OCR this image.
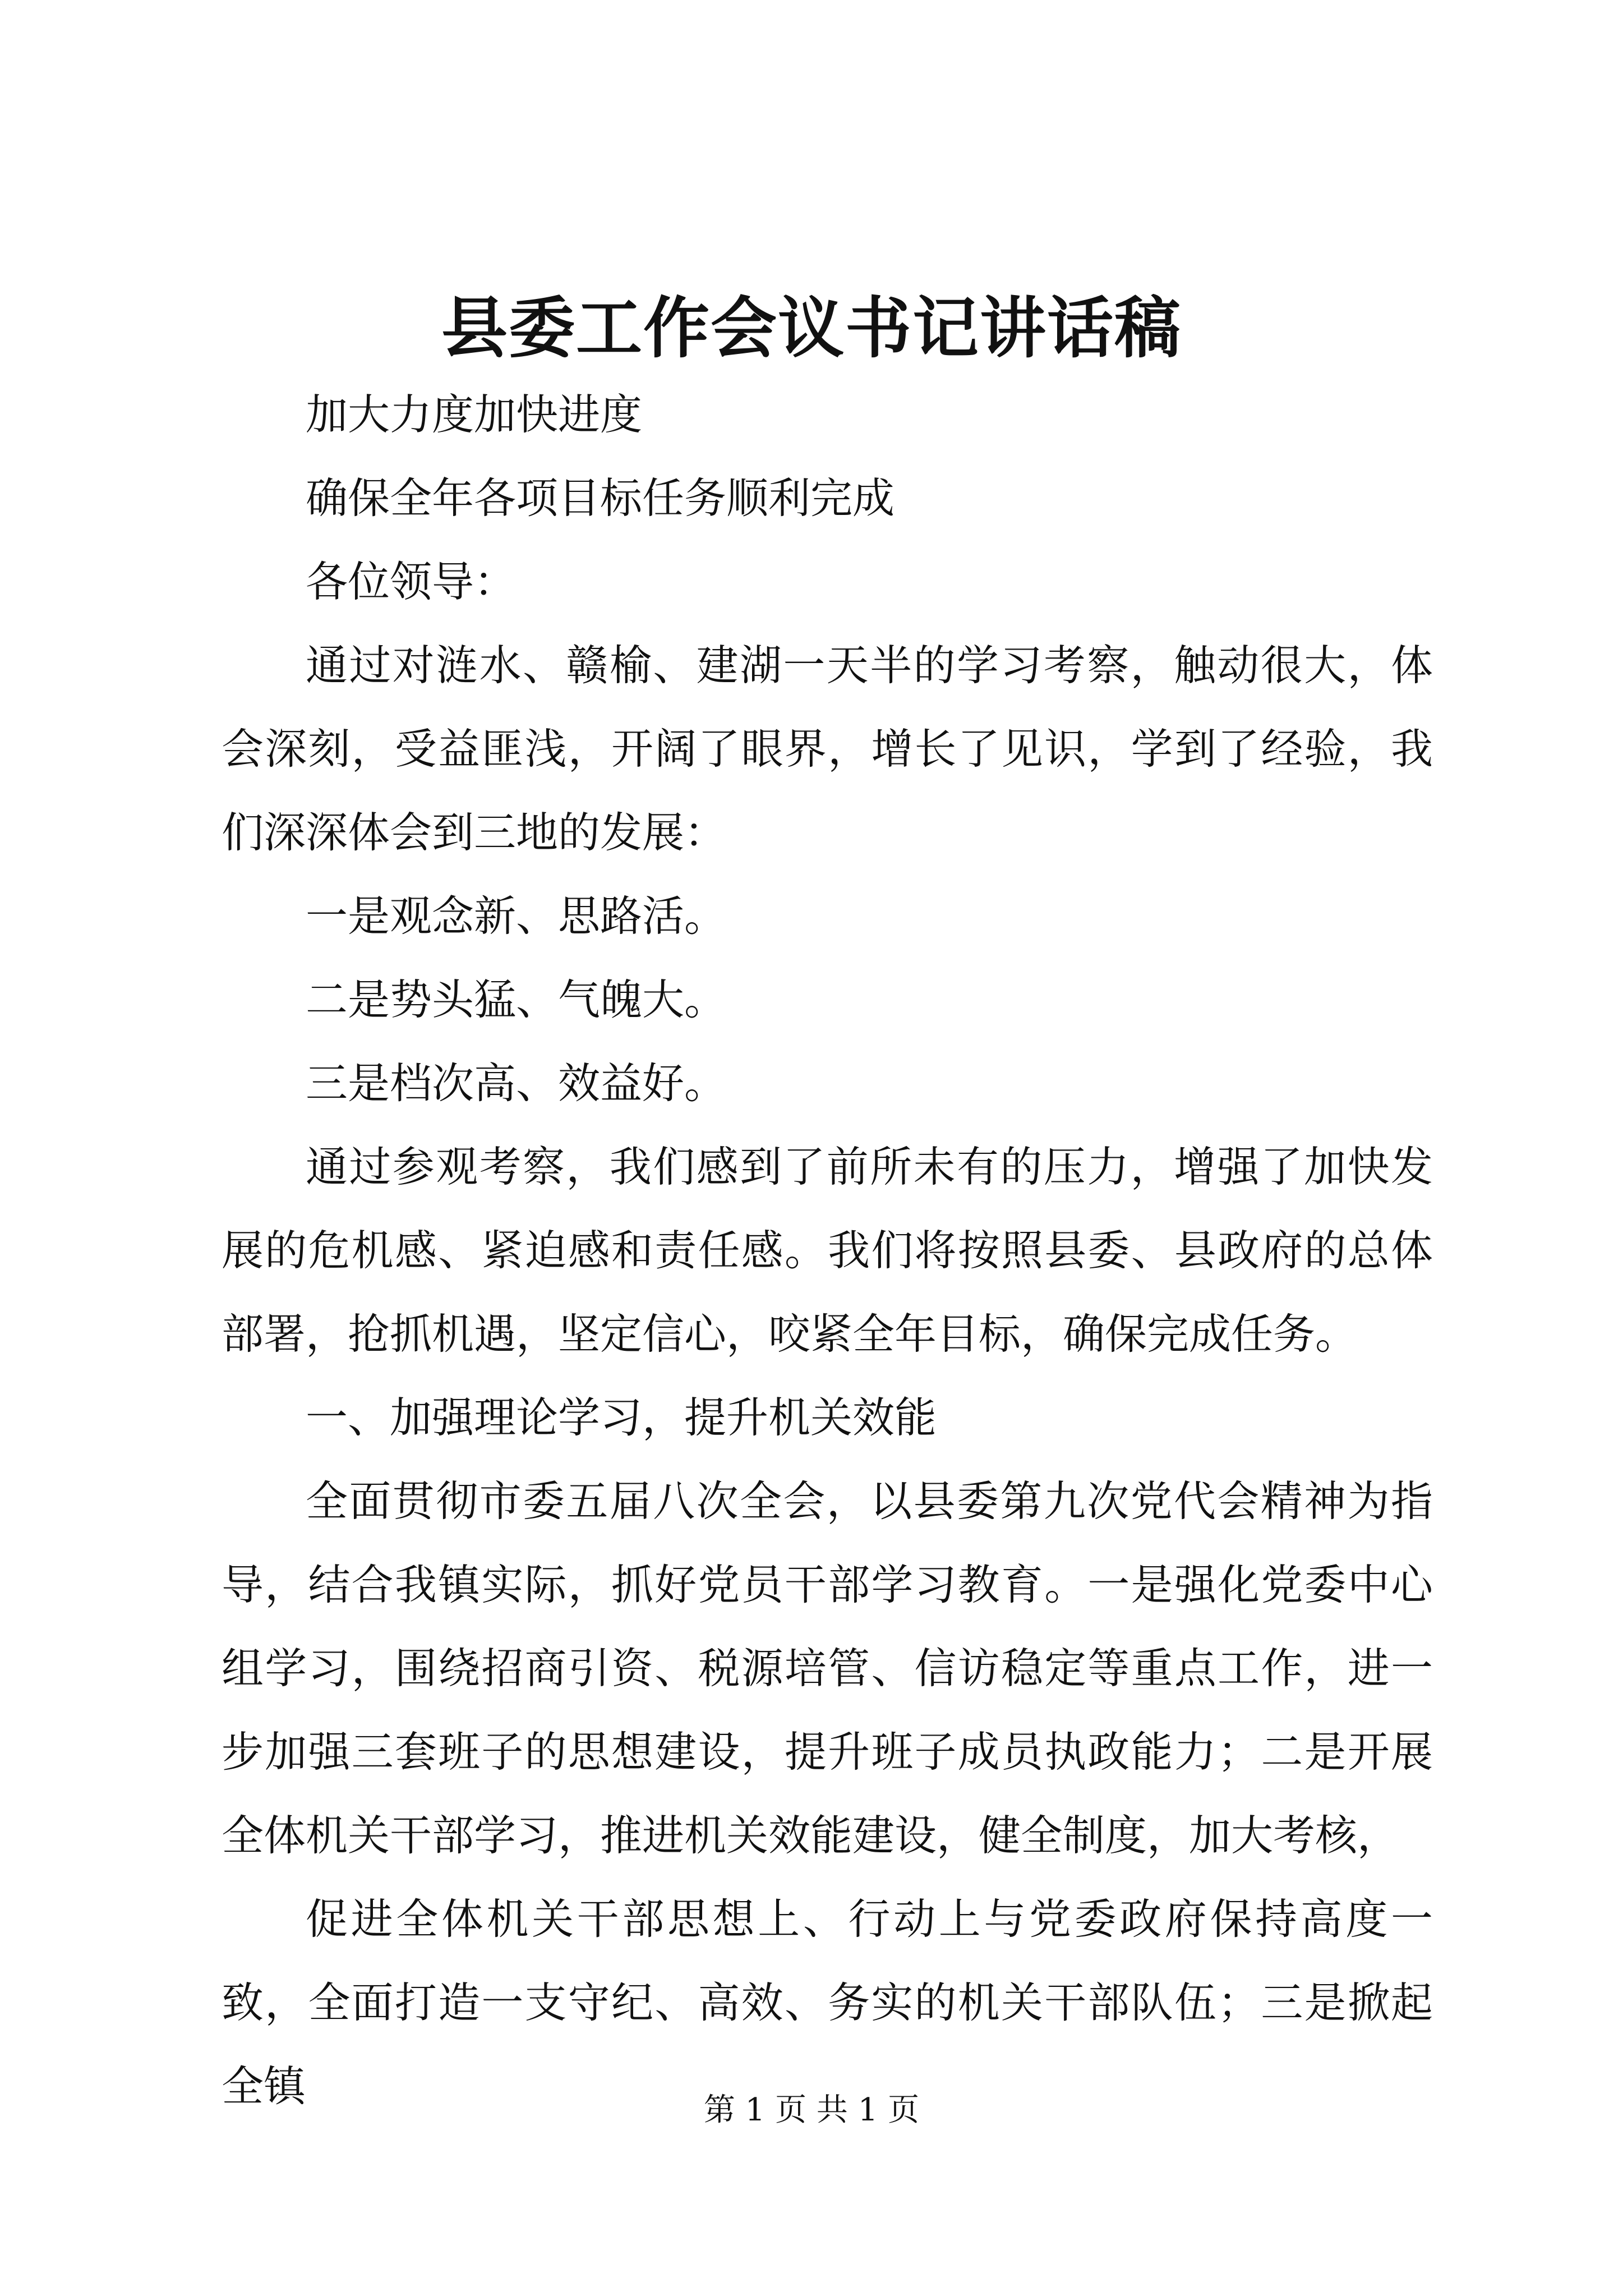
县委工作会议书记讲话稿

加大力度加快进度

确保全年各项目标任务顺利完成

各位领导：

通过对涟水、赣榆、建湖一天半的学习考察，触动很大，体会深刻，受益匪浅，开阔了眼界，增长了见识，学到了经验，我们深深体会到三地的发展：

一是观念新、思路活。

二是势头猛、气魄大。

三是档次高、效益好。

通过参观考察，我们感到了前所未有的压力，增强了加快发展的危机感、紧迫感和责任感。我们将按照县委、县政府的总体部署，抢抓机遇，坚定信心，咬紧全年目标，确保完成任务。

一、加强理论学习，提升机关效能

全面贯彻市委五届八次全会，以县委第九次党代会精神为指导，结合我镇实际，抓好党员干部学习教育。一是强化党委中心组学习，围绕招商引资、税源培管、信访稳定等重点工作，进一步加强三套班子的思想建设，提升班子成员执政能力；二是开展全体机关干部学习，推进机关效能建设，健全制度，加大考核，

促进全体机关干部思想上、行动上与党委政府保持高度一致，全面打造一支守纪、高效、务实的机关干部队伍；三是掀起全镇	第 1 页 共 1 页
